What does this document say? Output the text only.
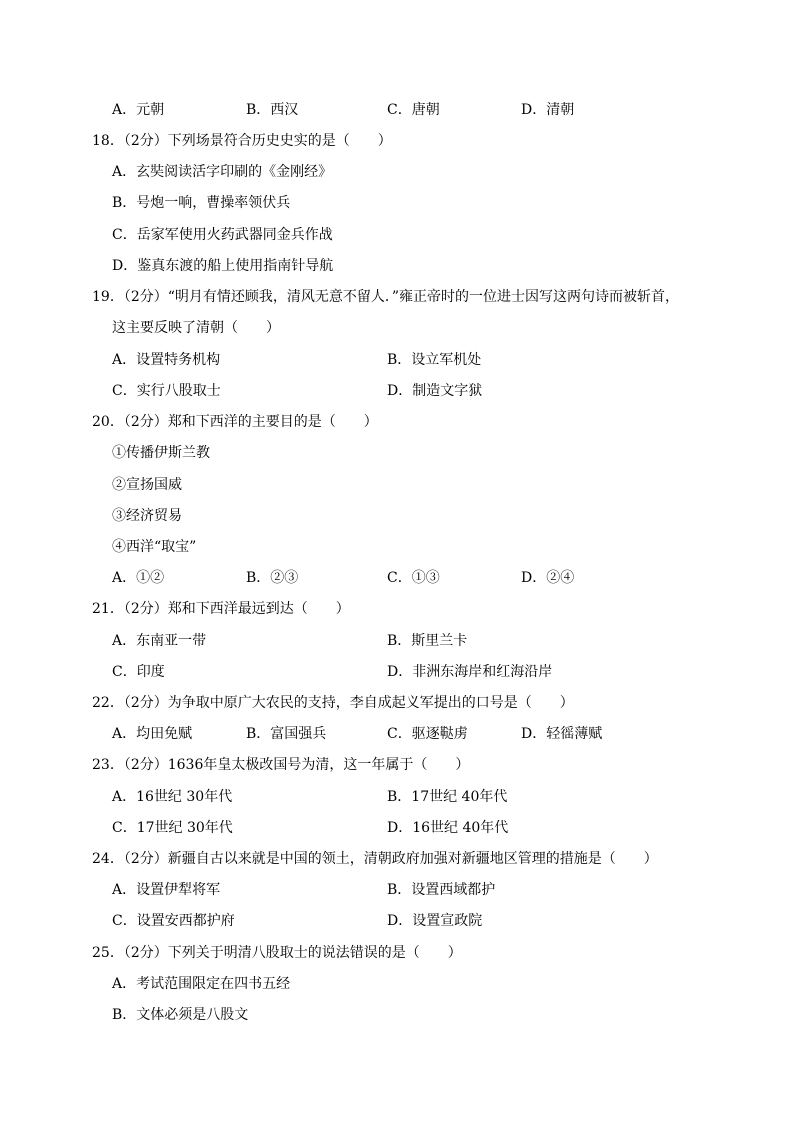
A．元朝	B．西汉	C．唐朝	D．清朝
18．（2分）下列场景符合历史史实的是（　　）
A．玄奘阅读活字印刷的《金刚经》
B．号炮一响，曹操率领伏兵
C．岳家军使用火药武器同金兵作战
D．鉴真东渡的船上使用指南针导航
19．（2分）“明月有情还顾我，清风无意不留人．”雍正帝时的一位进士因写这两句诗而被斩首，
这主要反映了清朝（　　）
A．设置特务机构	B．设立军机处
C．实行八股取士	D．制造文字狱
20．（2分）郑和下西洋的主要目的是（　　）
①传播伊斯兰教
②宣扬国威
③经济贸易
④西洋“取宝”
A．①②	B．②③	C．①③	D．②④
21．（2分）郑和下西洋最远到达（　　）
A．东南亚一带	B．斯里兰卡
C．印度	D．非洲东海岸和红海沿岸
22．（2分）为争取中原广大农民的支持，李自成起义军提出的口号是（　　）
A．均田免赋	B．富国强兵	C．驱逐鞑虏	D．轻徭薄赋
23．（2分）1636年皇太极改国号为清，这一年属于（　　）
A．16世纪 30年代	B．17世纪 40年代
C．17世纪 30年代	D．16世纪 40年代
24．（2分）新疆自古以来就是中国的领土，清朝政府加强对新疆地区管理的措施是（　　）
A．设置伊犁将军	B．设置西域都护
C．设置安西都护府	D．设置宣政院
25．（2分）下列关于明清八股取士的说法错误的是（　　）
A．考试范围限定在四书五经
B．文体必须是八股文
